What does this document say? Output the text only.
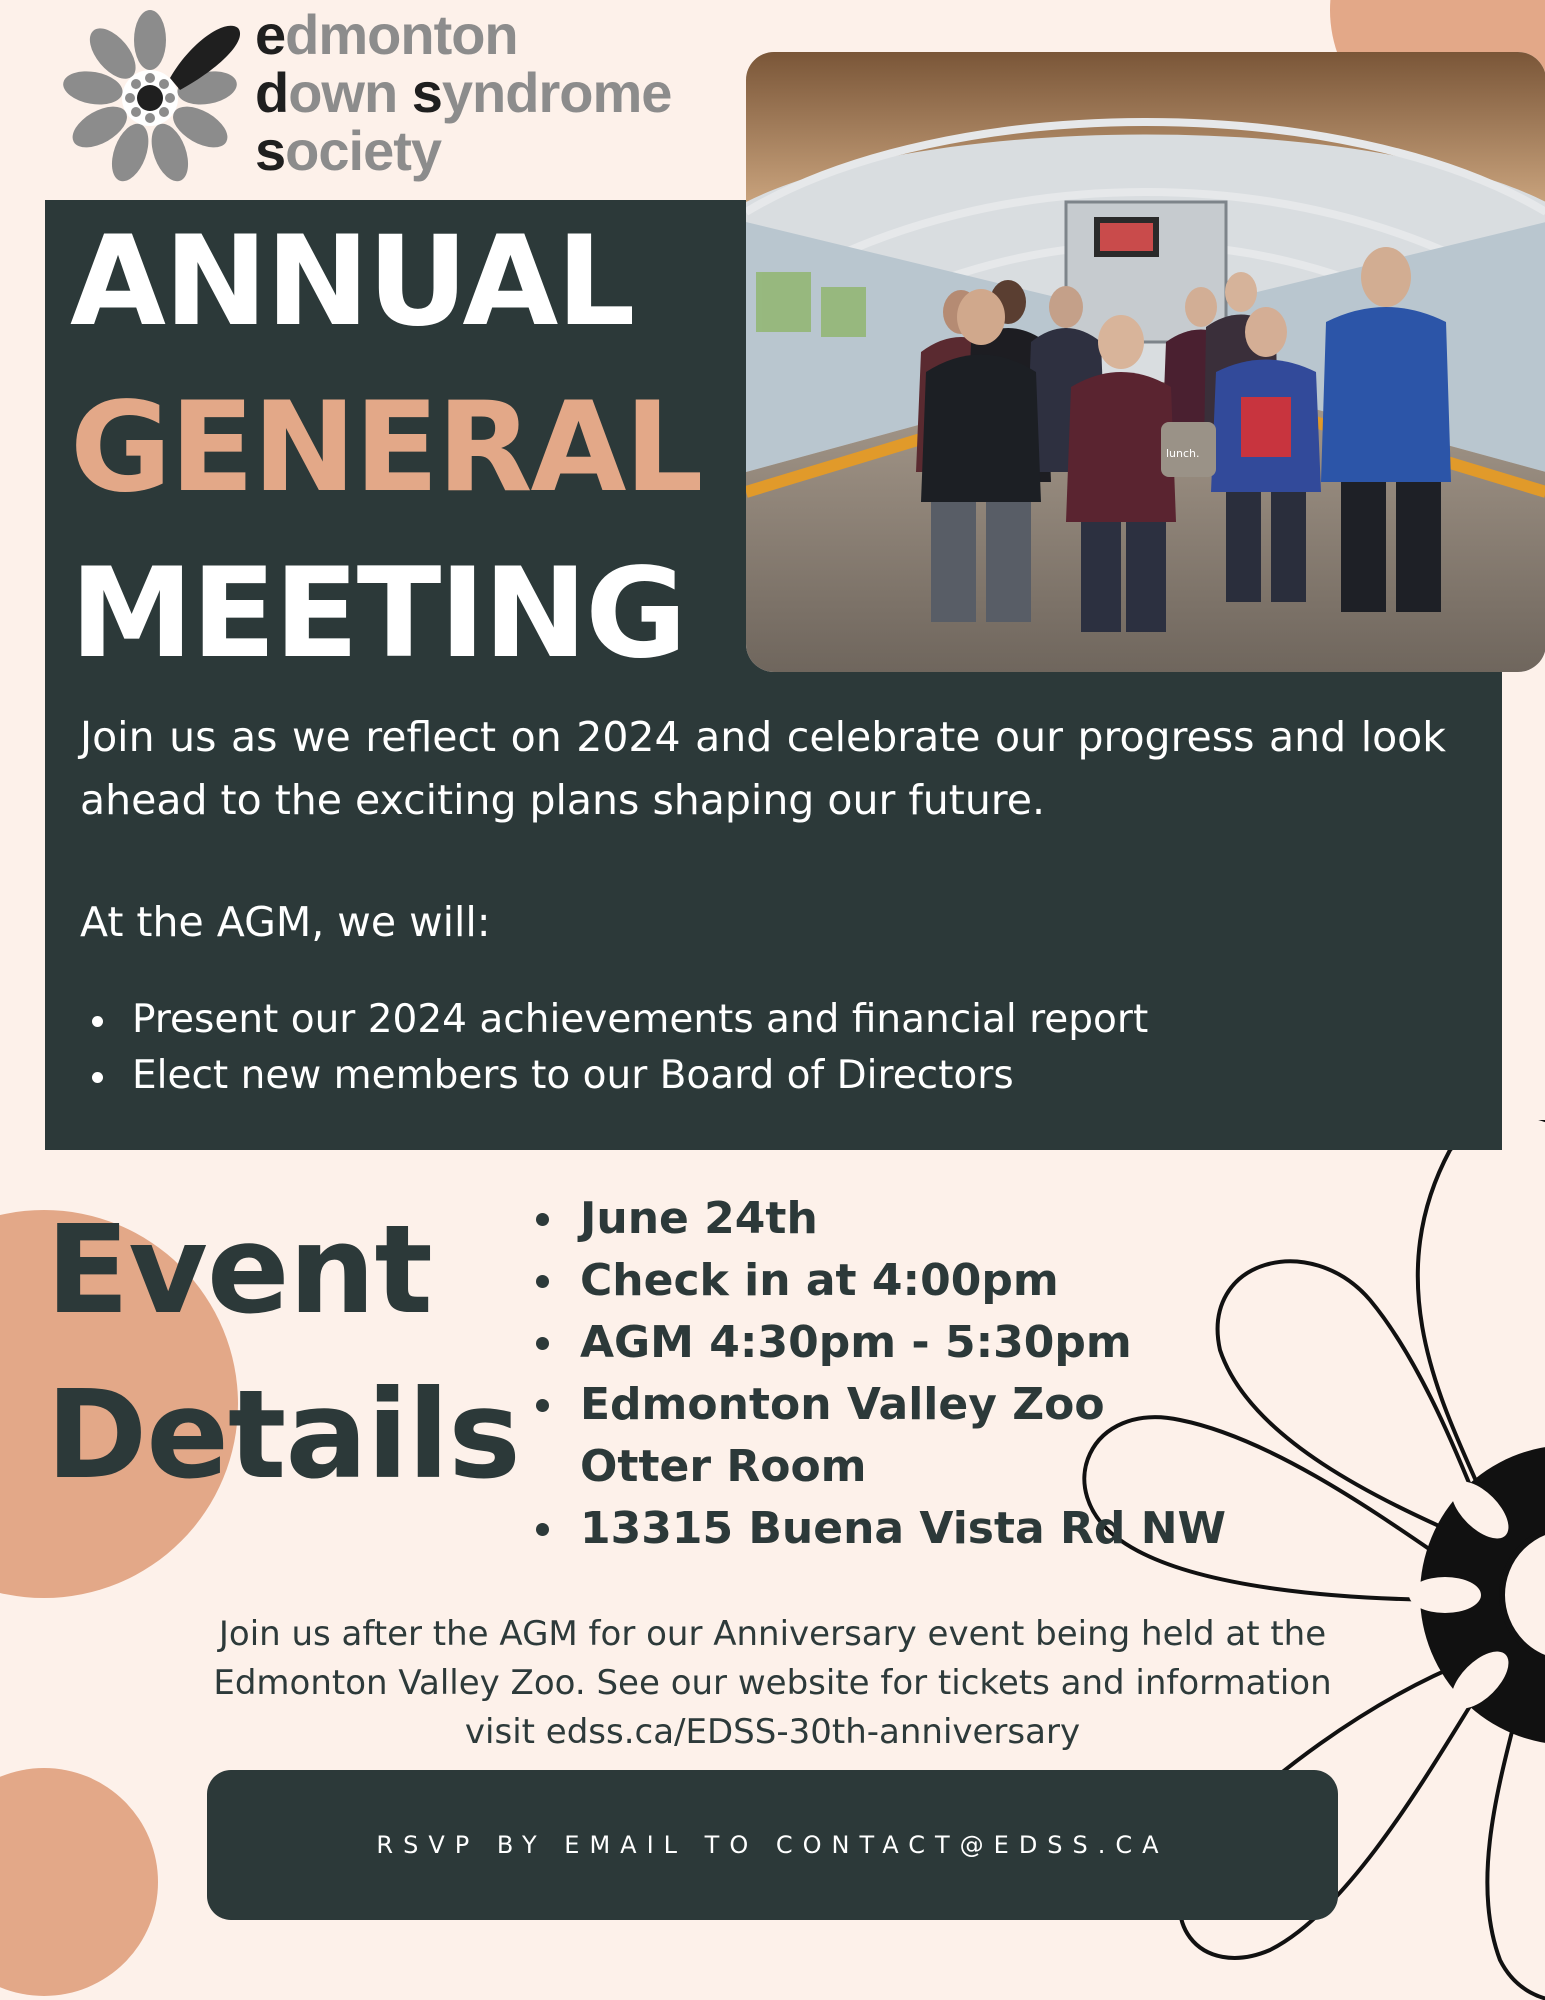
edmonton
down syndrome
society
ANNUAL
GENERAL
MEETING
lunch.
Join us as we reflect on 2024 and celebrate our progress and look ahead to the exciting plans shaping our future.
At the AGM, we will:
Present our 2024 achievements and financial report
Elect new members to our Board of Directors
Event
Details
June 24th
Check in at 4:00pm
AGM 4:30pm - 5:30pm
Edmonton Valley Zoo
Otter Room
13315 Buena Vista Rd NW
Join us after the AGM for our Anniversary event being held at the Edmonton Valley Zoo. See our website for tickets and information visit edss.ca/EDSS-30th-anniversary
RSVP BY EMAIL TO CONTACT@EDSS.CA
